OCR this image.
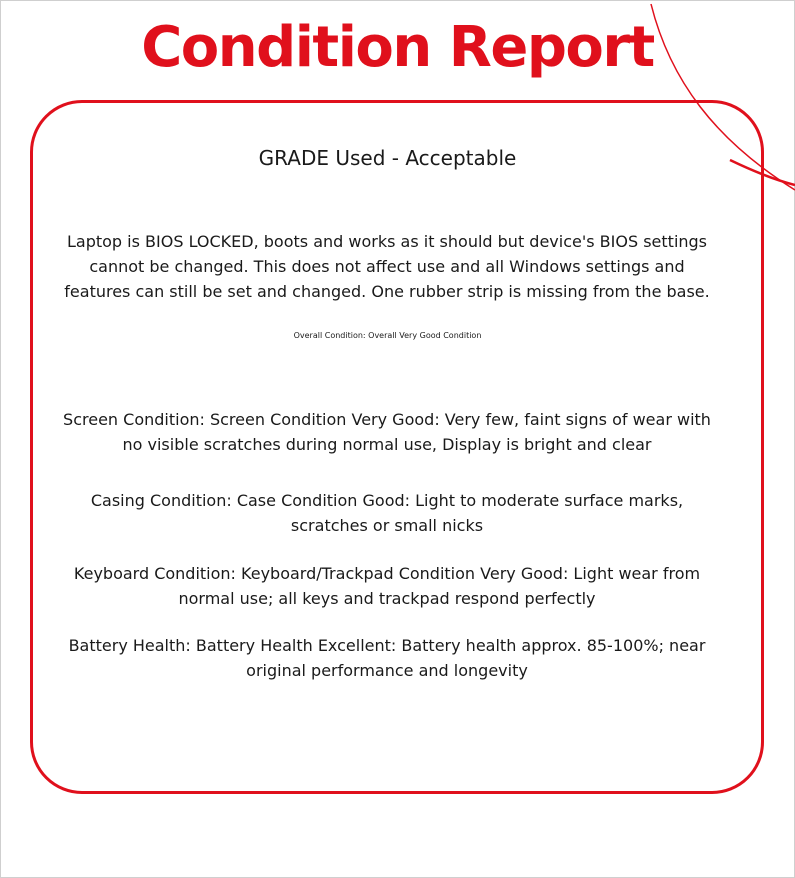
Condition Report
GRADE Used - Acceptable
Laptop is BIOS LOCKED, boots and works as it should but device's BIOS settings cannot be changed. This does not affect use and all Windows settings and features can still be set and changed. One rubber strip is missing from the base.
Overall Condition: Overall Very Good Condition
Screen Condition: Screen Condition Very Good: Very few, faint signs of wear with no visible scratches during normal use, Display is bright and clear
Casing Condition: Case Condition Good: Light to moderate surface marks, scratches or small nicks
Keyboard Condition: Keyboard/Trackpad Condition Very Good: Light wear from normal use; all keys and trackpad respond perfectly
Battery Health: Battery Health Excellent: Battery health approx. 85-100%; near original performance and longevity
